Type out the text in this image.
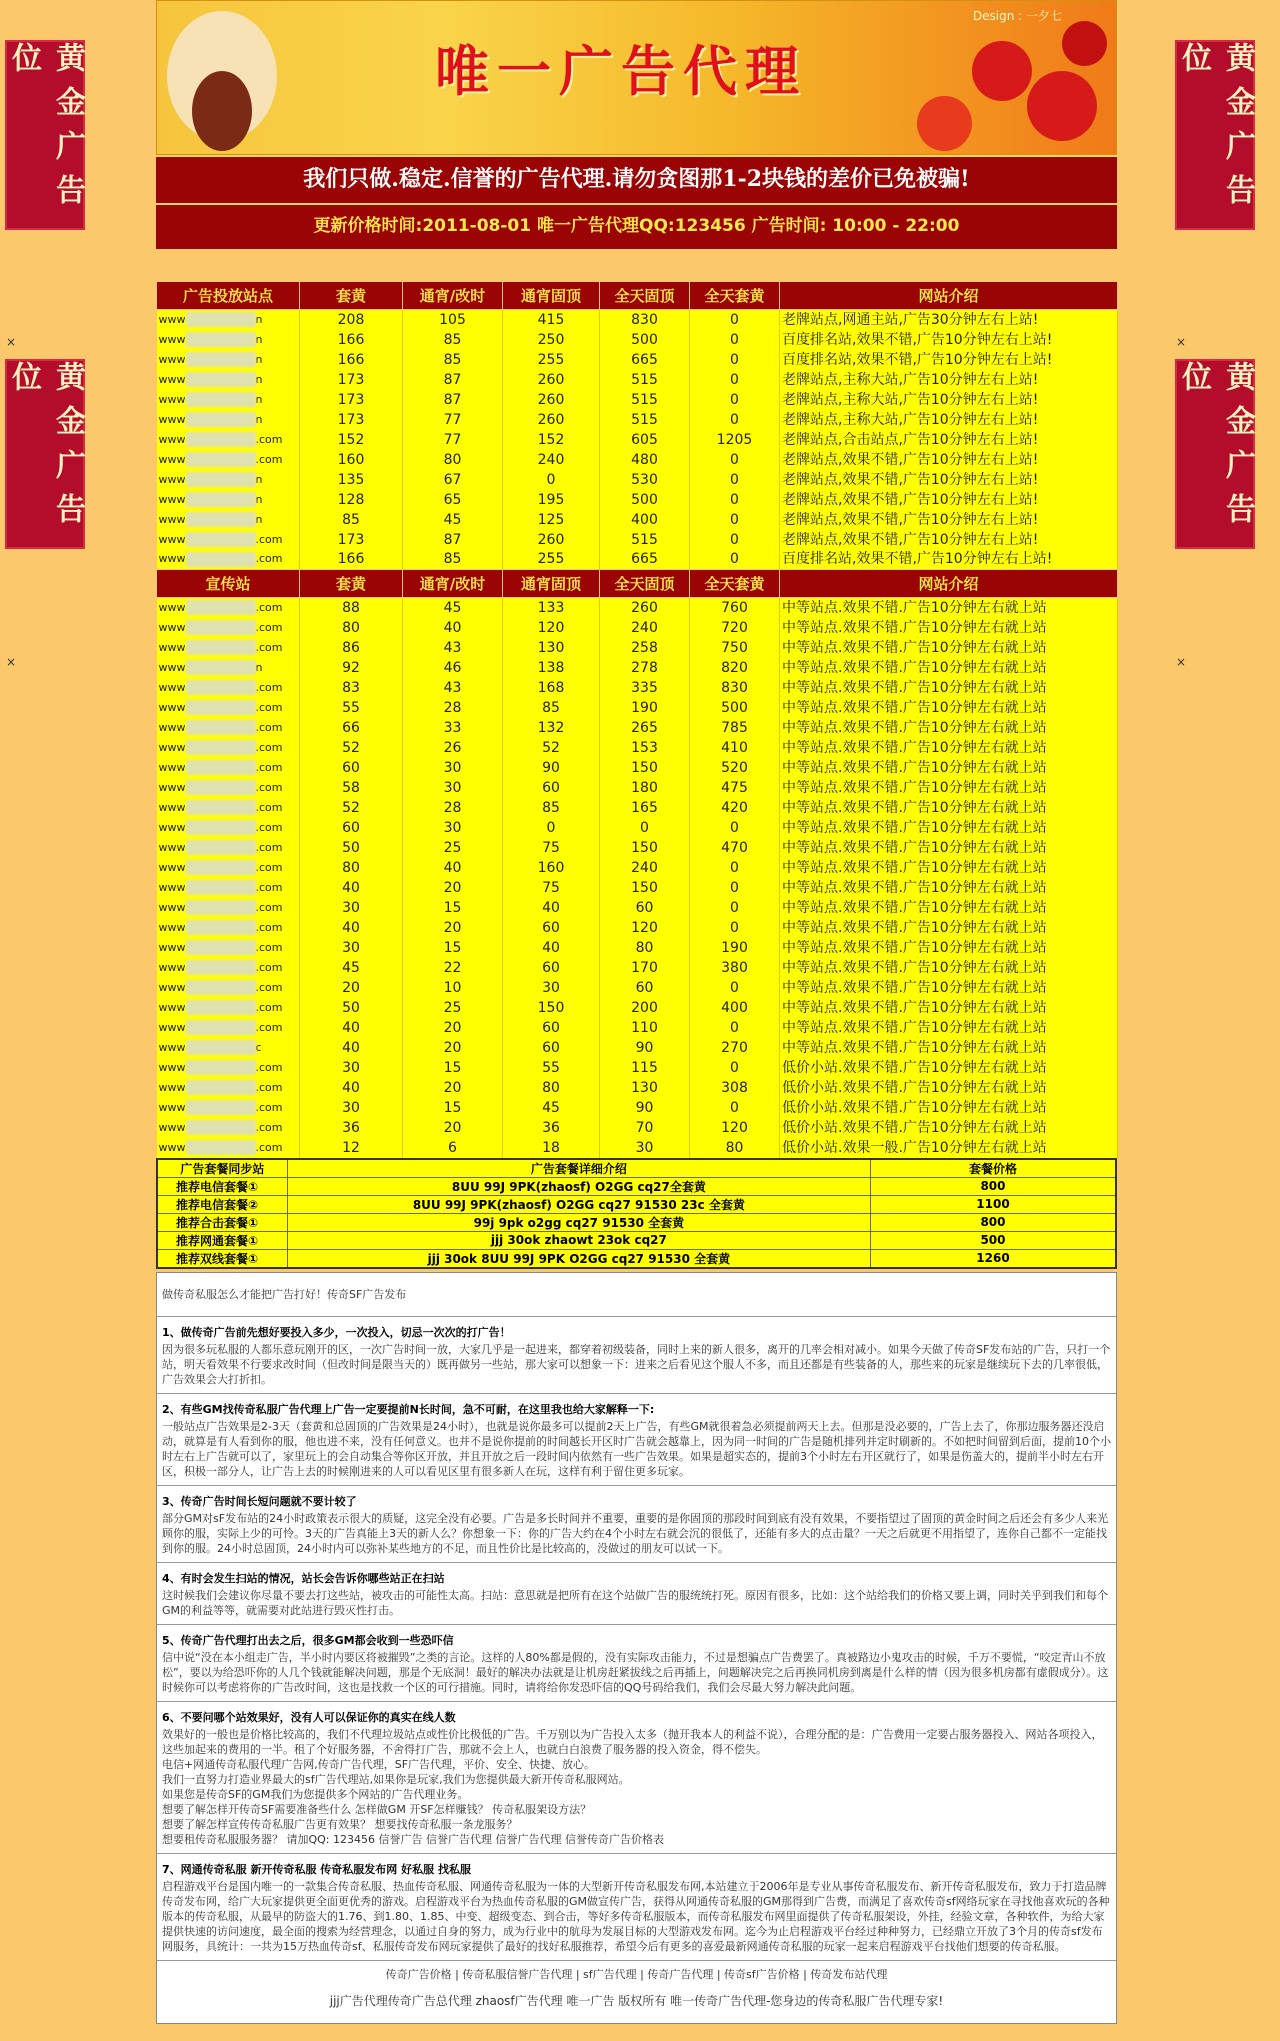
黄金广告位
×
黄金广告位
×
黄金广告位
×
黄金广告位
×
唯一广告代理
Design : 一夕七
我们只做.稳定.信誉的广告代理.请勿贪图那1-2块钱的差价已免被骗!
更新价格时间:2011-08-01 唯一广告代理QQ:123456 广告时间: 10:00 - 22:00
广告投放站点	套黄	通宵/改时	通宵固顶	全天固顶	全天套黄	网站介绍
www n	208	105	415	830	0	老牌站点,网通主站,广告30分钟左右上站!
www n	166	85	250	500	0	百度排名站,效果不错,广告10分钟左右上站!
www n	166	85	255	665	0	百度排名站,效果不错,广告10分钟左右上站!
www n	173	87	260	515	0	老牌站点,主称大站,广告10分钟左右上站!
www n	173	87	260	515	0	老牌站点,主称大站,广告10分钟左右上站!
www n	173	77	260	515	0	老牌站点,主称大站,广告10分钟左右上站!
www .com	152	77	152	605	1205	老牌站点,合击站点,广告10分钟左右上站!
www .com	160	80	240	480	0	老牌站点,效果不错,广告10分钟左右上站!
www n	135	67	0	530	0	老牌站点,效果不错,广告10分钟左右上站!
www n	128	65	195	500	0	老牌站点,效果不错,广告10分钟左右上站!
www n	85	45	125	400	0	老牌站点,效果不错,广告10分钟左右上站!
www .com	173	87	260	515	0	老牌站点,效果不错,广告10分钟左右上站!
www .com	166	85	255	665	0	百度排名站,效果不错,广告10分钟左右上站!
宣传站	套黄	通宵/改时	通宵固顶	全天固顶	全天套黄	网站介绍
www .com	88	45	133	260	760	中等站点.效果不错.广告10分钟左右就上站
www .com	80	40	120	240	720	中等站点.效果不错.广告10分钟左右就上站
www .com	86	43	130	258	750	中等站点.效果不错.广告10分钟左右就上站
www n	92	46	138	278	820	中等站点.效果不错.广告10分钟左右就上站
www .com	83	43	168	335	830	中等站点.效果不错.广告10分钟左右就上站
www .com	55	28	85	190	500	中等站点.效果不错.广告10分钟左右就上站
www .com	66	33	132	265	785	中等站点.效果不错.广告10分钟左右就上站
www .com	52	26	52	153	410	中等站点.效果不错.广告10分钟左右就上站
www .com	60	30	90	150	520	中等站点.效果不错.广告10分钟左右就上站
www .com	58	30	60	180	475	中等站点.效果不错.广告10分钟左右就上站
www .com	52	28	85	165	420	中等站点.效果不错.广告10分钟左右就上站
www .com	60	30	0	0	0	中等站点.效果不错.广告10分钟左右就上站
www .com	50	25	75	150	470	中等站点.效果不错.广告10分钟左右就上站
www .com	80	40	160	240	0	中等站点.效果不错.广告10分钟左右就上站
www .com	40	20	75	150	0	中等站点.效果不错.广告10分钟左右就上站
www .com	30	15	40	60	0	中等站点.效果不错.广告10分钟左右就上站
www .com	40	20	60	120	0	中等站点.效果不错.广告10分钟左右就上站
www .com	30	15	40	80	190	中等站点.效果不错.广告10分钟左右就上站
www .com	45	22	60	170	380	中等站点.效果不错.广告10分钟左右就上站
www .com	20	10	30	60	0	中等站点.效果不错.广告10分钟左右就上站
www .com	50	25	150	200	400	中等站点.效果不错.广告10分钟左右就上站
www .com	40	20	60	110	0	中等站点.效果不错.广告10分钟左右就上站
www c	40	20	60	90	270	中等站点.效果不错.广告10分钟左右就上站
www .com	30	15	55	115	0	低价小站.效果不错.广告10分钟左右就上站
www .com	40	20	80	130	308	低价小站.效果不错.广告10分钟左右就上站
www .com	30	15	45	90	0	低价小站.效果不错.广告10分钟左右就上站
www .com	36	20	36	70	120	低价小站.效果不错.广告10分钟左右就上站
www .com	12	6	18	30	80	低价小站.效果一般.广告10分钟左右就上站
广告套餐同步站	广告套餐详细介绍	套餐价格
推荐电信套餐①	8UU 99J 9PK(zhaosf) O2GG cq27全套黄	800
推荐电信套餐②	8UU 99J 9PK(zhaosf) O2GG cq27 91530 23c 全套黄	1100
推荐合击套餐①	99j 9pk o2gg cq27 91530 全套黄	800
推荐网通套餐①	jjj 30ok zhaowt 23ok cq27	500
推荐双线套餐①	jjj 30ok 8UU 99J 9PK O2GG cq27 91530 全套黄	1260

做传奇私服怎么才能把广告打好！传奇SF广告发布

1、做传奇广告前先想好要投入多少，一次投入，切忌一次次的打广告！

因为很多玩私服的人都乐意玩刚开的区，一次广告时间一放，大家几乎是一起进来，都穿着初级装备，同时上来的新人很多，离开的几率会相对减小。如果今天做了传奇SF发布站的广告，只打一个站，明天看效果不行要求改时间（但改时间是限当天的）既再做另一些站，那大家可以想象一下：进来之后看见这个服人不多，而且还都是有些装备的人，那些来的玩家是继续玩下去的几率很低，广告效果会大打折扣。

2、有些GM找传奇私服广告代理上广告一定要提前N长时间，急不可耐，在这里我也给大家解释一下:

一般站点广告效果是2-3天（套黄和总固顶的广告效果是24小时），也就是说你最多可以提前2天上广告，有些GM就很着急必须提前两天上去。但那是没必要的，广告上去了，你那边服务器还没启动，就算是有人看到你的服，他也进不来，没有任何意义。也并不是说你提前的时间越长开区时广告就会越靠上，因为同一时间的广告是随机排列并定时刷新的。不如把时间留到后面，提前10个小时左右上广告就可以了，家里玩上的会自动集合等你区开放，并且开放之后一段时间内依然有一些广告效果。如果是超实态的，提前3个小时左右开区就行了，如果是伤盖大的，提前半小时左右开区，积极一部分人，让广告上去的时候刚进来的人可以看见区里有很多新人在玩，这样有利于留住更多玩家。

3、传奇广告时间长短问题就不要计较了

部分GM对sF发布站的24小时政策表示很大的质疑，这完全没有必要。广告是多长时间并不重要，重要的是你固顶的那段时间到底有没有效果，不要指望过了固顶的黄金时间之后还会有多少人来光顾你的服，实际上少的可怜。3天的广告真能上3天的新人么？你想象一下：你的广告大约在4个小时左右就会沉的很低了，还能有多大的点击量？一天之后就更不用指望了，连你自己都不一定能找到你的服。24小时总固顶，24小时内可以弥补某些地方的不足，而且性价比是比较高的，没做过的朋友可以试一下。

4、有时会发生扫站的情况，站长会告诉你哪些站正在扫站

这时候我们会建议你尽量不要去打这些站，被攻击的可能性太高。扫站：意思就是把所有在这个站做广告的服统统打死。原因有很多，比如：这个站给我们的价格又要上调，同时关乎到我们和每个GM的利益等等，就需要对此站进行毁灭性打击。

5、传奇广告代理打出去之后，很多GM都会收到一些恐吓信

信中说“没在本小组走广告，半小时内要区将被摧毁”之类的言论。这样的人80%都是假的，没有实际攻击能力，不过是想骗点广告费罢了。真被路边小鬼攻击的时候，千万不要慌，“咬定青山不放松”，要以为给恐吓你的人几个钱就能解决问题，那是个无底洞！最好的解决办法就是让机房赶紧拔线之后再插上，问题解决完之后再换同机房到离是什么样的情（因为很多机房都有虚假成分）。这时候你可以考虑将你的广告改时间，这也是找救一个区的可行措施。同时，请将给你发恐吓信的QQ号码给我们，我们会尽最大努力解决此问题。

6、不要问哪个站效果好，没有人可以保证你的真实在线人数

效果好的一般也是价格比较高的，我们不代理垃圾站点或性价比极低的广告。千万别以为广告投入太多（抛开我本人的利益不说），合理分配的是：广告费用一定要占服务器投入、网站各项投入，这些加起来的费用的一半。租了个好服务器，不舍得打广告，那就不会上人，也就白白浪费了服务器的投入资金，得不偿失。

电信+网通传奇私服代理广告网,传奇广告代理，SF广告代理，平价、安全、快捷、放心。

我们一直努力打造业界最大的sf广告代理站,如果你是玩家,我们为您提供最大新开传奇私服网站。

如果您是传奇SF的GM我们为您提供多个网站的广告代理业务。

想要了解怎样开传奇SF需要准备些什么 怎样做GM 开SF怎样赚钱？ 传奇私服架设方法？

想要了解怎样宣传传奇私服广告更有效果？ 想要找传奇私服一条龙服务？

想要租传奇私服服务器？ 请加QQ: 123456 信誉广告 信誉广告代理 信誉广告代理 信誉传奇广告价格表

7、网通传奇私服 新开传奇私服 传奇私服发布网 好私服 找私服

启程游戏平台是国内唯一的一款集合传奇私服、热血传奇私服、网通传奇私服为一体的大型新开传奇私服发布网,本站建立于2006年是专业从事传奇私服发布、新开传奇私服发布，致力于打造品牌传奇发布网，给广大玩家提供更全面更优秀的游戏。启程游戏平台为热血传奇私服的GM做宣传广告，获得从网通传奇私服的GM那得到广告费，而满足了喜欢传奇sf网络玩家在寻找他喜欢玩的各种版本的传奇私服，从最早的防盗大的1.76、到1.80、1.85、中变、超级变态、到合击，等好多传奇私服版本，而传奇私服发布网里面提供了传奇私服架设，外挂，经验文章，各种软件，为给大家提供快速的访问速度，最全面的搜索为经营理念，以通过自身的努力，成为行业中的航母为发展目标的大型游戏发布网。迄今为止启程游戏平台经过种种努力，已经鼎立开放了3个月的传奇sf发布网服务，具统计：一共为15万热血传奇sf、私服传奇发布网玩家提供了最好的找好私服推荐，希望今后有更多的喜爱最新网通传奇私服的玩家一起来启程游戏平台找他们想要的传奇私服。

传奇广告价格 | 传奇私服信誉广告代理 | sf广告代理 | 传奇广告代理 | 传奇sf广告价格 | 传奇发布站代理
jjj广告代理传奇广告总代理 zhaosf广告代理 唯一广告 版权所有 唯一传奇广告代理-您身边的传奇私服广告代理专家!
